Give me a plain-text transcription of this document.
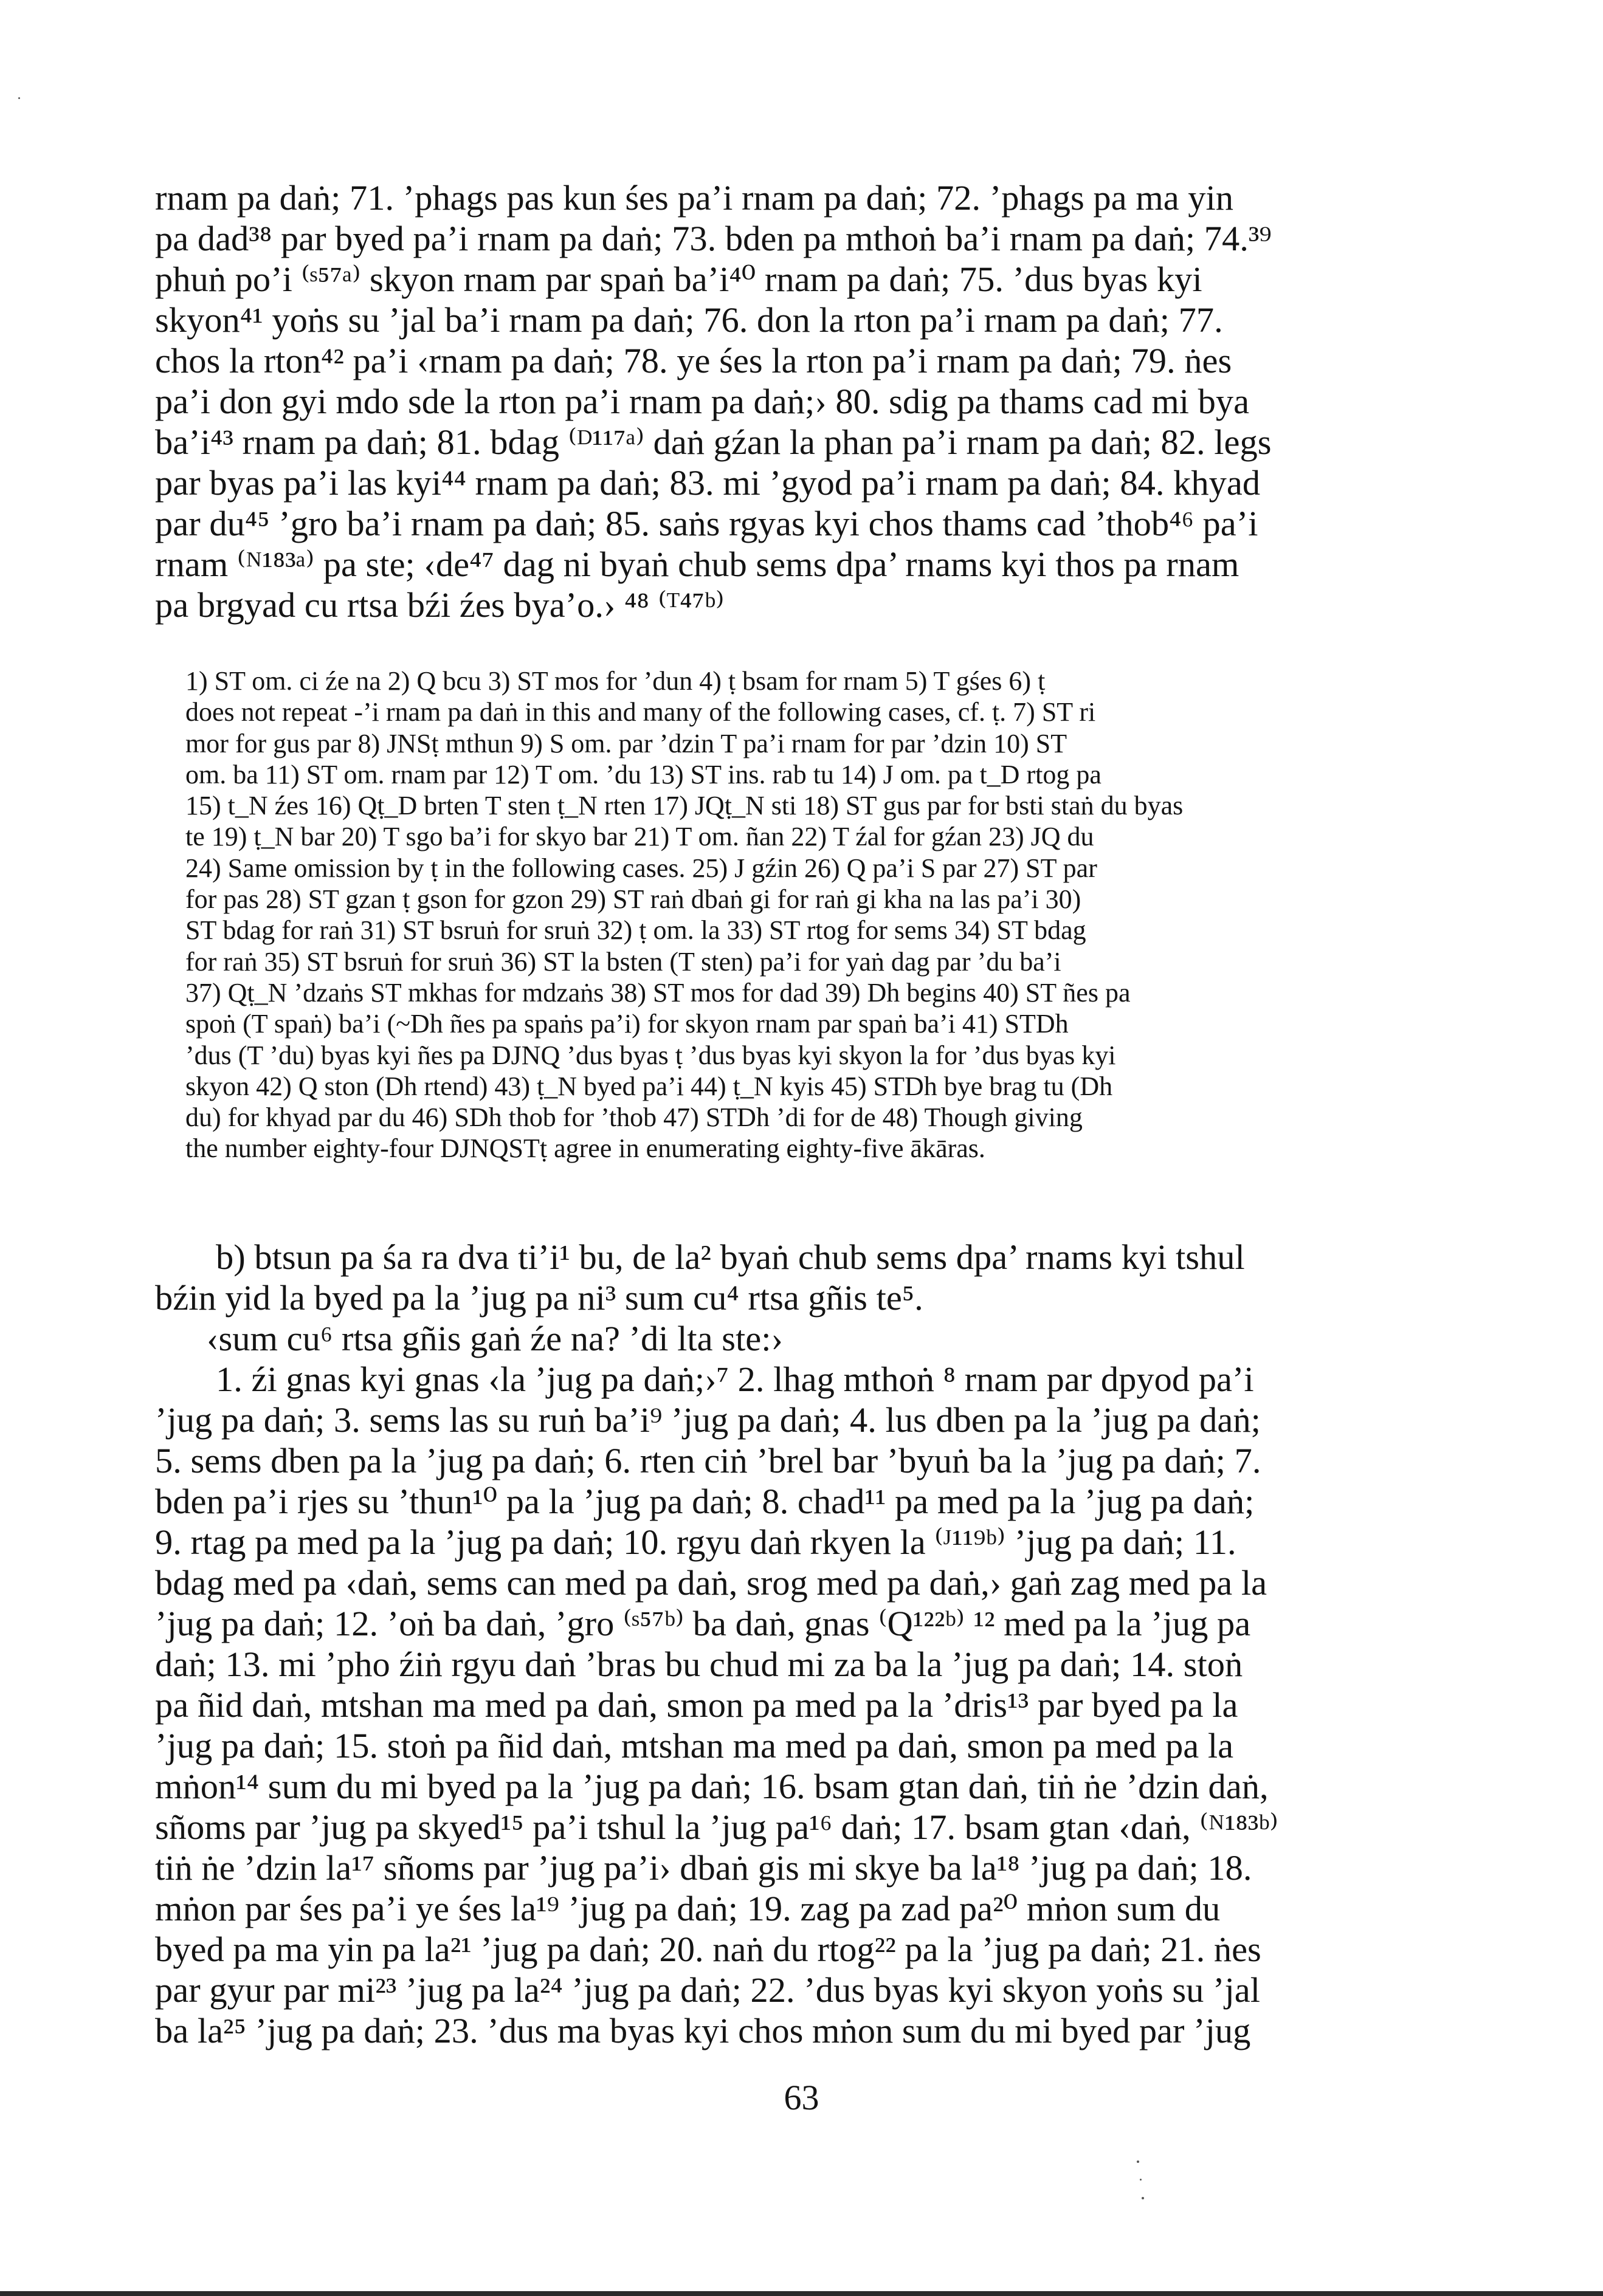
rnam pa daṅ; 71. ’phags pas kun śes pa’i rnam pa daṅ; 72. ’phags pa ma yin
pa dad³⁸ par byed pa’i rnam pa daṅ; 73. bden pa mthoṅ ba’i rnam pa daṅ; 74.³⁹
phuṅ po’i ⁽ˢ⁵⁷ᵃ⁾ skyon rnam par spaṅ ba’i⁴⁰ rnam pa daṅ; 75. ’dus byas kyi
skyon⁴¹ yoṅs su ’jal ba’i rnam pa daṅ; 76. don la rton pa’i rnam pa daṅ; 77.
chos la rton⁴² pa’i ‹rnam pa daṅ; 78. ye śes la rton pa’i rnam pa daṅ; 79. ṅes
pa’i don gyi mdo sde la rton pa’i rnam pa daṅ;› 80. sdig pa thams cad mi bya
ba’i⁴³ rnam pa daṅ; 81. bdag ⁽ᴰ¹¹⁷ᵃ⁾ daṅ gźan la phan pa’i rnam pa daṅ; 82. legs
par byas pa’i las kyi⁴⁴ rnam pa daṅ; 83. mi ’gyod pa’i rnam pa daṅ; 84. khyad
par du⁴⁵ ’gro ba’i rnam pa daṅ; 85. saṅs rgyas kyi chos thams cad ’thob⁴⁶ pa’i
rnam ⁽ᴺ¹⁸³ᵃ⁾ pa ste; ‹de⁴⁷ dag ni byaṅ chub sems dpa’ rnams kyi thos pa rnam
pa brgyad cu rtsa bźi źes bya’o.› ⁴⁸ ⁽ᵀ⁴⁷ᵇ⁾
1) ST om. ci źe na 2) Q bcu 3) ST mos for ’dun 4) ṭ bsam for rnam 5) T gśes 6) ṭ
does not repeat -’i rnam pa daṅ in this and many of the following cases, cf. ṭ. 7) ST ri
mor for gus par 8) JNSṭ mthun 9) S om. par ’dzin T pa’i rnam for par ’dzin 10) ST
om. ba 11) ST om. rnam par 12) T om. ’du 13) ST ins. rab tu 14) J om. pa t_D rtog pa
15) t_N źes 16) Qṭ_D brten T sten ṭ_N rten 17) JQṭ_N sti 18) ST gus par for bsti staṅ du byas
te 19) ṭ_N bar 20) T sgo ba’i for skyo bar 21) T om. ñan 22) T źal for gźan 23) JQ du
24) Same omission by ṭ in the following cases. 25) J gźin 26) Q pa’i S par 27) ST par
for pas 28) ST gzan ṭ gson for gzon 29) ST raṅ dbaṅ gi for raṅ gi kha na las pa’i 30)
ST bdag for raṅ 31) ST bsruṅ for sruṅ 32) ṭ om. la 33) ST rtog for sems 34) ST bdag
for raṅ 35) ST bsruṅ for sruṅ 36) ST la bsten (T sten) pa’i for yaṅ dag par ’du ba’i
37) Qṭ_N ’dzaṅs ST mkhas for mdzaṅs 38) ST mos for dad 39) Dh begins 40) ST ñes pa
spoṅ (T spaṅ) ba’i (~Dh ñes pa spaṅs pa’i) for skyon rnam par spaṅ ba’i 41) STDh
’dus (T ’du) byas kyi ñes pa DJNQ ’dus byas ṭ ’dus byas kyi skyon la for ’dus byas kyi
skyon 42) Q ston (Dh rtend) 43) ṭ_N byed pa’i 44) ṭ_N kyis 45) STDh bye brag tu (Dh
du) for khyad par du 46) SDh thob for ’thob 47) STDh ’di for de 48) Though giving
the number eighty-four DJNQSTṭ agree in enumerating eighty-five ākāras.
b) btsun pa śa ra dva ti’i¹ bu, de la² byaṅ chub sems dpa’ rnams kyi tshul
bźin yid la byed pa la ’jug pa ni³ sum cu⁴ rtsa gñis te⁵.
‹sum cu⁶ rtsa gñis gaṅ źe na? ’di lta ste:›
1. źi gnas kyi gnas ‹la ’jug pa daṅ;›⁷ 2. lhag mthoṅ ⁸ rnam par dpyod pa’i
’jug pa daṅ; 3. sems las su ruṅ ba’i⁹ ’jug pa daṅ; 4. lus dben pa la ’jug pa daṅ;
5. sems dben pa la ’jug pa daṅ; 6. rten ciṅ ’brel bar ’byuṅ ba la ’jug pa daṅ; 7.
bden pa’i rjes su ’thun¹⁰ pa la ’jug pa daṅ; 8. chad¹¹ pa med pa la ’jug pa daṅ;
9. rtag pa med pa la ’jug pa daṅ; 10. rgyu daṅ rkyen la ⁽ᴶ¹¹⁹ᵇ⁾ ’jug pa daṅ; 11.
bdag med pa ‹daṅ, sems can med pa daṅ, srog med pa daṅ,› gaṅ zag med pa la
’jug pa daṅ; 12. ’oṅ ba daṅ, ’gro ⁽ˢ⁵⁷ᵇ⁾ ba daṅ, gnas ⁽Q¹²²ᵇ⁾ ¹² med pa la ’jug pa
daṅ; 13. mi ’pho źiṅ rgyu daṅ ’bras bu chud mi za ba la ’jug pa daṅ; 14. stoṅ
pa ñid daṅ, mtshan ma med pa daṅ, smon pa med pa la ’dris¹³ par byed pa la
’jug pa daṅ; 15. stoṅ pa ñid daṅ, mtshan ma med pa daṅ, smon pa med pa la
mṅon¹⁴ sum du mi byed pa la ’jug pa daṅ; 16. bsam gtan daṅ, tiṅ ṅe ’dzin daṅ,
sñoms par ’jug pa skyed¹⁵ pa’i tshul la ’jug pa¹⁶ daṅ; 17. bsam gtan ‹daṅ, ⁽ᴺ¹⁸³ᵇ⁾
tiṅ ṅe ’dzin la¹⁷ sñoms par ’jug pa’i› dbaṅ gis mi skye ba la¹⁸ ’jug pa daṅ; 18.
mṅon par śes pa’i ye śes la¹⁹ ’jug pa daṅ; 19. zag pa zad pa²⁰ mṅon sum du
byed pa ma yin pa la²¹ ’jug pa daṅ; 20. naṅ du rtog²² pa la ’jug pa daṅ; 21. ṅes
par gyur par mi²³ ’jug pa la²⁴ ’jug pa daṅ; 22. ’dus byas kyi skyon yoṅs su ’jal
ba la²⁵ ’jug pa daṅ; 23. ’dus ma byas kyi chos mṅon sum du mi byed par ’jug
63
